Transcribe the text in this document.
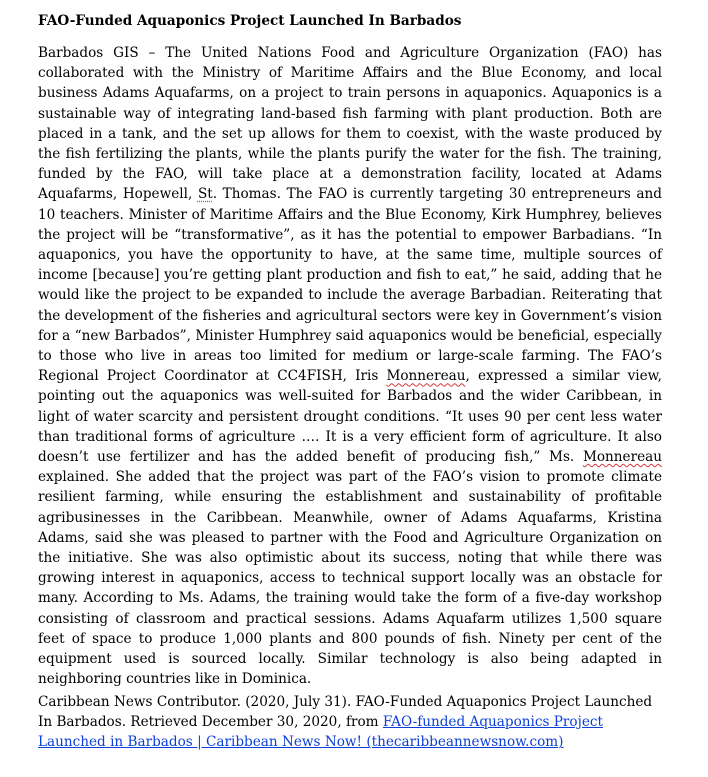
FAO-Funded Aquaponics Project Launched In Barbados

Barbados GIS – The United Nations Food and Agriculture Organization (FAO) has collaborated with the Ministry of Maritime Affairs and the Blue Economy, and local business Adams Aquafarms, on a project to train persons in aquaponics. Aquaponics is a sustainable way of integrating land-based fish farming with plant production. Both are placed in a tank, and the set up allows for them to coexist, with the waste produced by the fish fertilizing the plants, while the plants purify the water for the fish. The training, funded by the FAO, will take place at a demonstration facility, located at Adams Aquafarms, Hopewell, St. Thomas. The FAO is currently targeting 30 entrepreneurs and 10 teachers. Minister of Maritime Affairs and the Blue Economy, Kirk Humphrey, believes the project will be “transformative”, as it has the potential to empower Barbadians. “In aquaponics, you have the opportunity to have, at the same time, multiple sources of income [because] you’re getting plant production and fish to eat,” he said, adding that he would like the project to be expanded to include the average Barbadian. Reiterating that the development of the fisheries and agricultural sectors were key in Government’s vision for a “new Barbados”, Minister Humphrey said aquaponics would be beneficial, especially to those who live in areas too limited for medium or large-scale farming. The FAO’s Regional Project Coordinator at CC4FISH, Iris Monnereau, expressed a similar view, pointing out the aquaponics was well-suited for Barbados and the wider Caribbean, in light of water scarcity and persistent drought conditions. “It uses 90 per cent less water than traditional forms of agriculture …. It is a very efficient form of agriculture. It also doesn’t use fertilizer and has the added benefit of producing fish,” Ms. Monnereau explained. She added that the project was part of the FAO’s vision to promote climate resilient farming, while ensuring the establishment and sustainability of profitable agribusinesses in the Caribbean. Meanwhile, owner of Adams Aquafarms, Kristina Adams, said she was pleased to partner with the Food and Agriculture Organization on the initiative. She was also optimistic about its success, noting that while there was growing interest in aquaponics, access to technical support locally was an obstacle for many. According to Ms. Adams, the training would take the form of a five-day workshop consisting of classroom and practical sessions. Adams Aquafarm utilizes 1,500 square feet of space to produce 1,000 plants and 800 pounds of fish. Ninety per cent of the equipment used is sourced locally. Similar technology is also being adapted in neighboring countries like in Dominica.

Caribbean News Contributor. (2020, July 31). FAO-Funded Aquaponics Project Launched In Barbados. Retrieved December 30, 2020, from FAO-funded Aquaponics Project Launched in Barbados | Caribbean News Now! (thecaribbeannewsnow.com)
